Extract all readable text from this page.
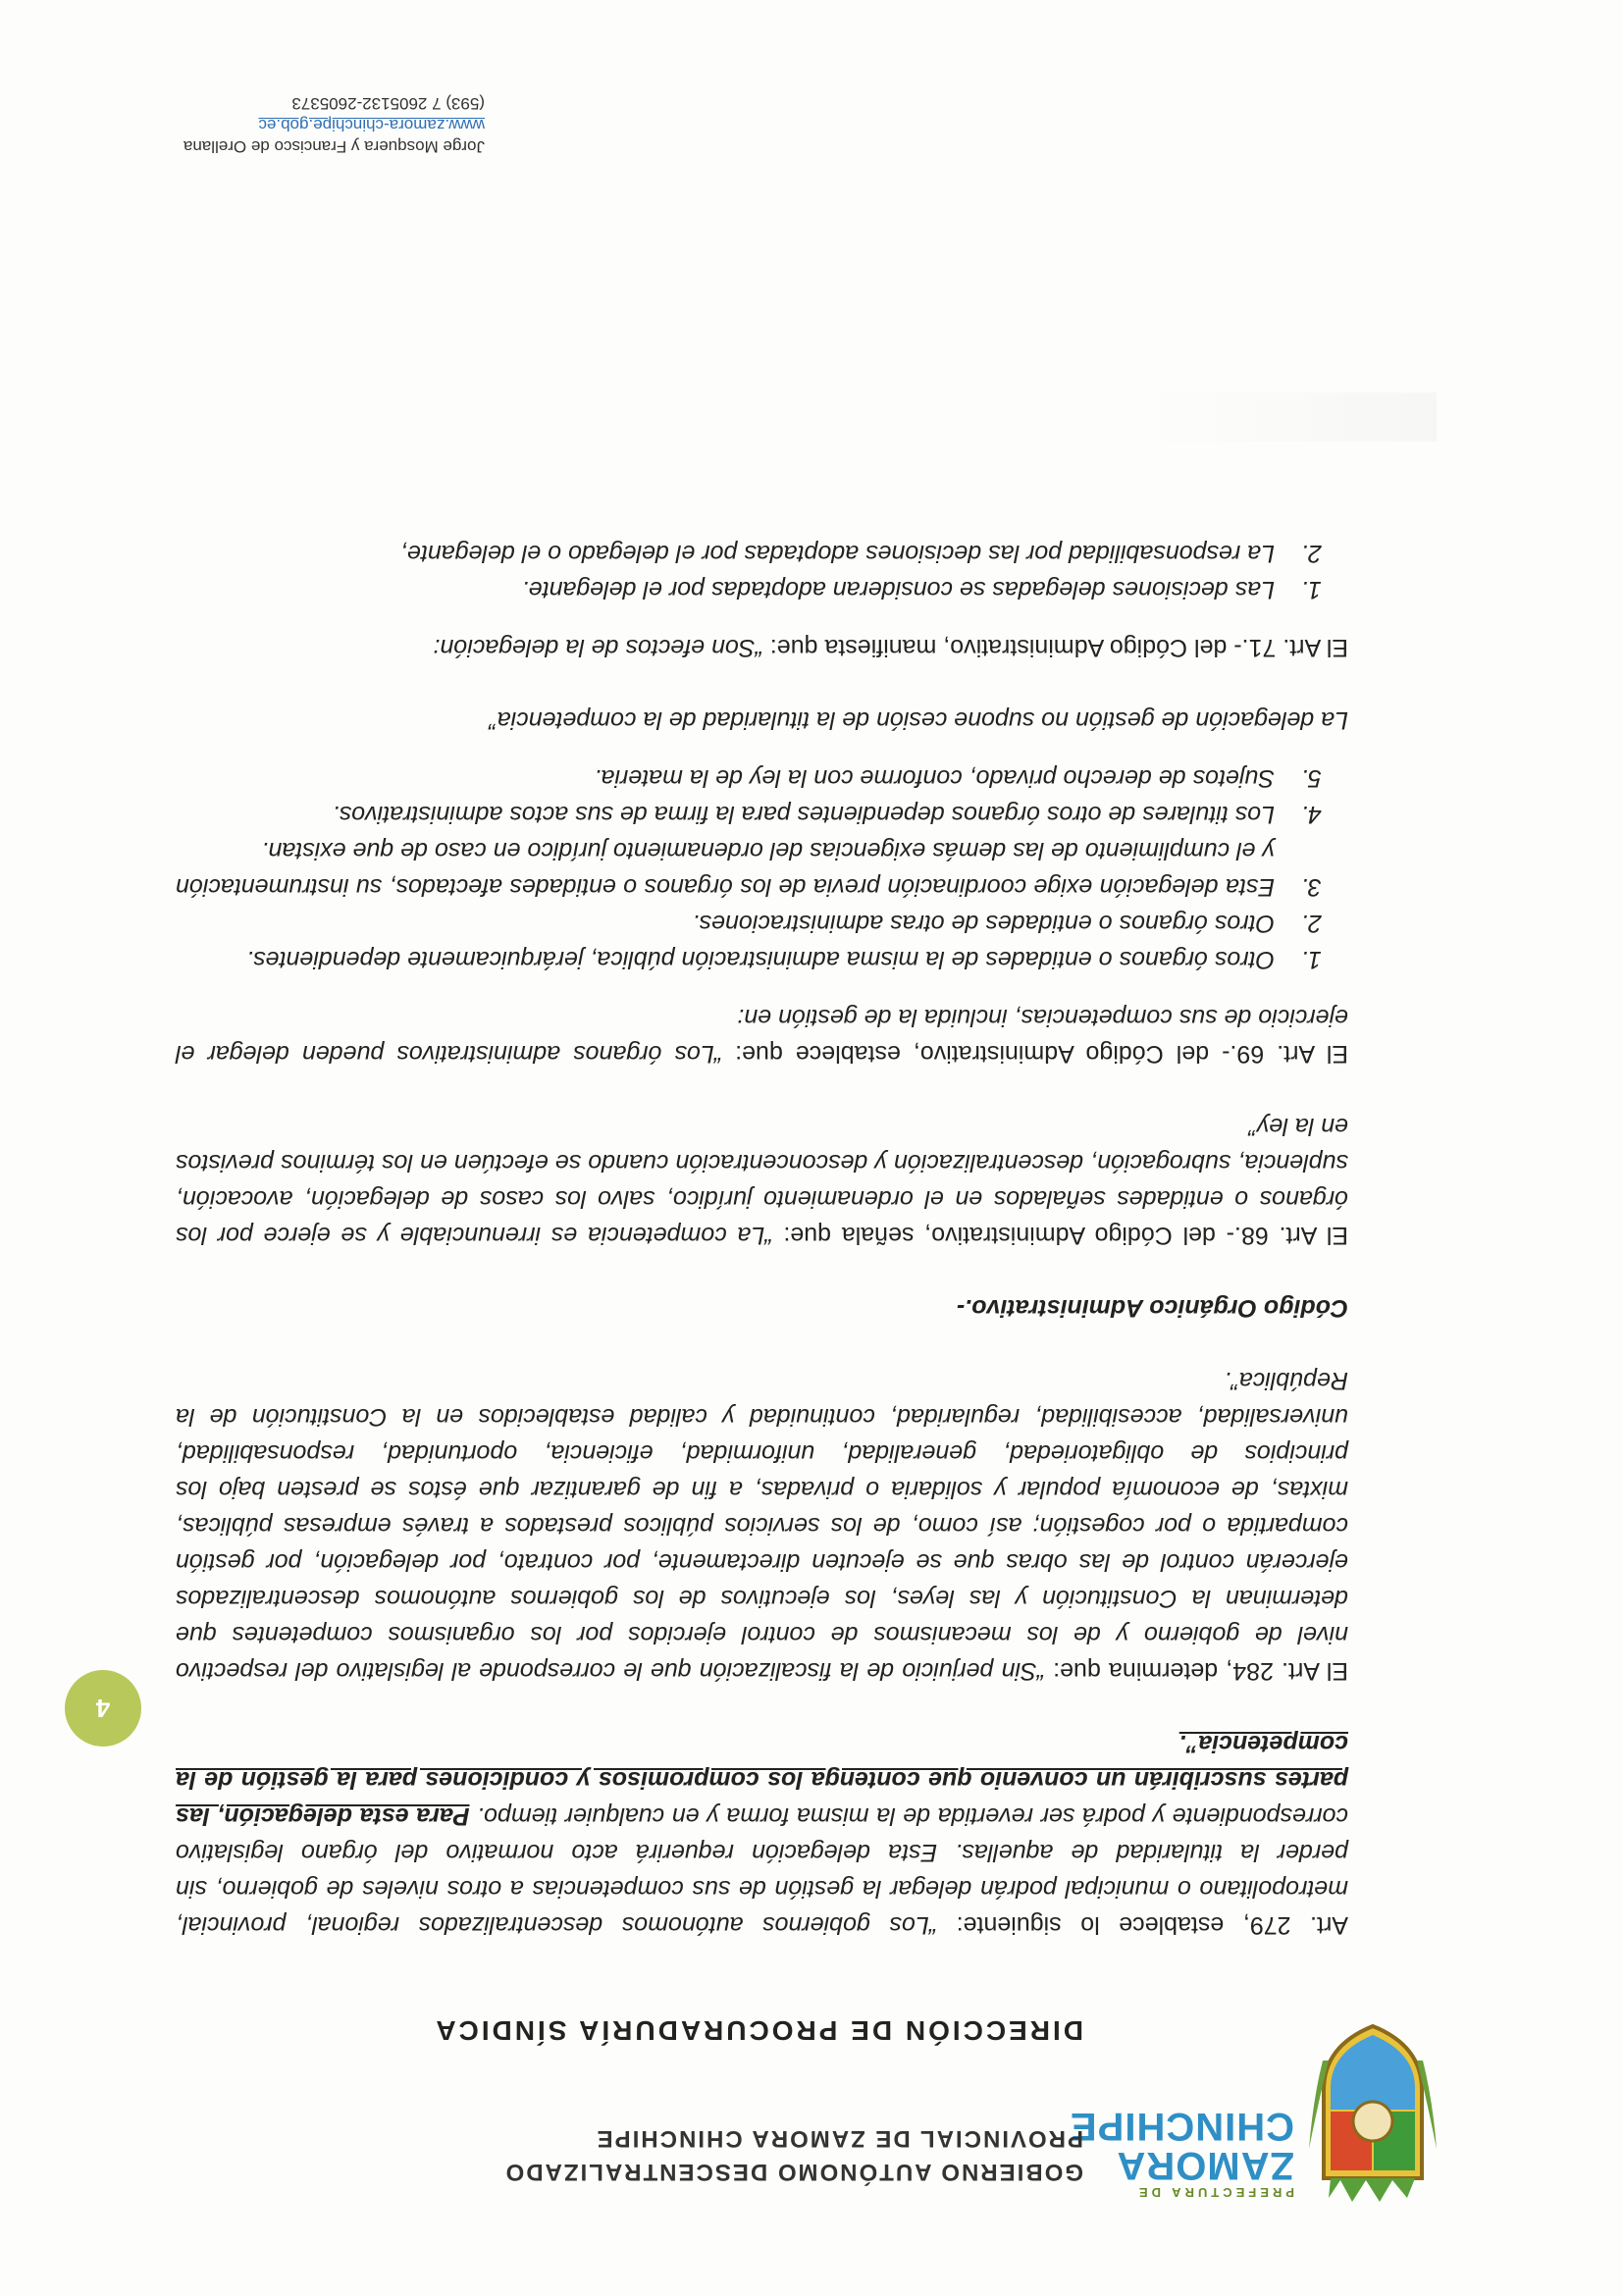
PREFECTURA DE
ZAMORA
CHINCHIPE
GOBIERNO AUTÓNOMO DESCENTRALIZADO
PROVINCIAL DE ZAMORA CHINCHIPE
DIRECCIÓN DE PROCURADURÍA SÍNDICA

Art. 279, establece lo siguiente: “Los gobiernos autónomos descentralizados regional, provincial, metropolitano o municipal podrán delegar la gestión de sus competencias a otros niveles de gobierno, sin perder la titularidad de aquellas. Esta delegación requerirá acto normativo del órgano legislativo correspondiente y podrá ser revertida de la misma forma y en cualquier tiempo. Para esta delegación, las partes suscribirán un convenio que contenga los compromisos y condiciones para la gestión de la competencia”.

El Art. 284, determina que: “Sin perjuicio de la fiscalización que le corresponde al legislativo del respectivo nivel de gobierno y de los mecanismos de control ejercidos por los organismos competentes que determinan la Constitución y las leyes, los ejecutivos de los gobiernos autónomos descentralizados ejercerán control de las obras que se ejecuten directamente, por contrato, por delegación, por gestión compartida o por cogestión; así como, de los servicios públicos prestados a través empresas públicas, mixtas, de economía popular y solidaria o privadas, a fin de garantizar que éstos se presten bajo los principios de obligatoriedad, generalidad, uniformidad, eficiencia, oportunidad, responsabilidad, universalidad, accesibilidad, regularidad, continuidad y calidad establecidos en la Constitución de la República”.

Código Orgánico Administrativo.-

El Art. 68.- del Código Administrativo, señala que: “La competencia es irrenunciable y se ejerce por los órganos o entidades señalados en el ordenamiento jurídico, salvo los casos de delegación, avocación, suplencia, subrogación, descentralización y desconcentración cuando se efectúen en los términos previstos en la ley”

El Art. 69.- del Código Administrativo, establece que: “Los órganos administrativos pueden delegar el ejercicio de sus competencias, incluida la de gestión en:

1. Otros órganos o entidades de la misma administración pública, jerárquicamente dependientes.
2. Otros órganos o entidades de otras administraciones.
3. Esta delegación exige coordinación previa de los órganos o entidades afectados, su instrumentación y el cumplimiento de las demás exigencias del ordenamiento jurídico en caso de que existan.
4. Los titulares de otros órganos dependientes para la firma de sus actos administrativos.
5. Sujetos de derecho privado, conforme con la ley de la materia.

La delegación de gestión no supone cesión de la titularidad de la competencia”

El Art. 71.- del Código Administrativo, manifiesta que: “Son efectos de la delegación:

1. Las decisiones delegadas se consideran adoptadas por el delegante.
2. La responsabilidad por las decisiones adoptadas por el delegado o el delegante,
4
Jorge Mosquera y Francisco de Orellana
www.zamora-chinchipe.gob.ec
(593) 7 2605132-2605373
